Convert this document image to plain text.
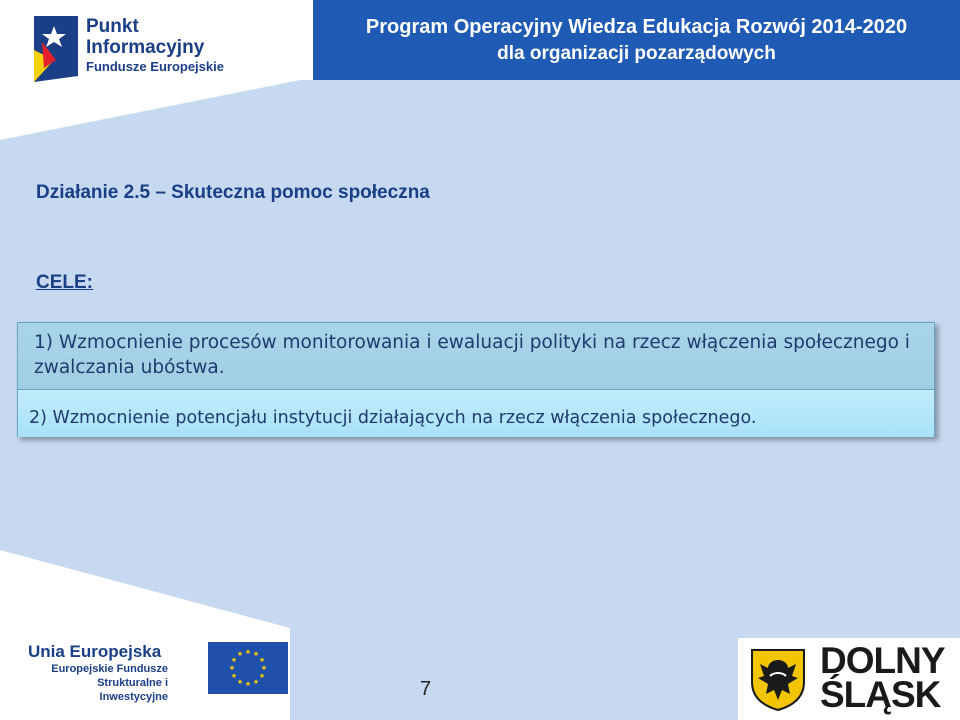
Punkt
Informacyjny
Fundusze Europejskie
Program Operacyjny Wiedza Edukacja Rozwój 2014-2020
dla organizacji pozarządowych
Działanie 2.5 – Skuteczna pomoc społeczna
CELE:
1) Wzmocnienie procesów monitorowania i ewaluacji polityki na rzecz włączenia społecznego i zwalczania ubóstwa.
2) Wzmocnienie potencjału instytucji działających na rzecz włączenia społecznego.
Unia Europejska
Europejskie Fundusze
Strukturalne i Inwestycyjne
★ ★
★
★
★
★
★
★
★
★
★
★
7
DOLNY
ŚLĄSK
